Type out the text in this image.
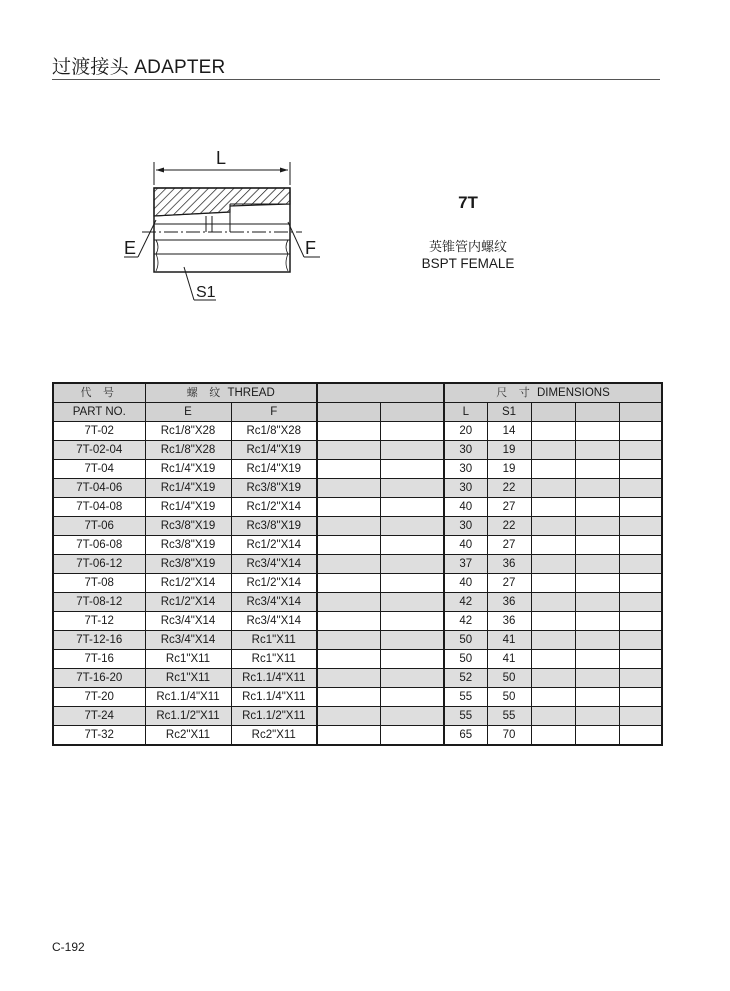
过渡接头 ADAPTER
L
E	F
S1
7T
英锥管内螺纹
BSPT FEMALE
代 号	螺 纹 THREAD				尺 寸 DIMENSIONS				
PART NO.	E	F			L	S1			
7T-02	Rc1/8"X28	Rc1/8"X28			20	14			
7T-02-04	Rc1/8"X28	Rc1/4"X19			30	19			
7T-04	Rc1/4"X19	Rc1/4"X19			30	19			
7T-04-06	Rc1/4"X19	Rc3/8"X19			30	22			
7T-04-08	Rc1/4"X19	Rc1/2"X14			40	27			
7T-06	Rc3/8"X19	Rc3/8"X19			30	22			
7T-06-08	Rc3/8"X19	Rc1/2"X14			40	27			
7T-06-12	Rc3/8"X19	Rc3/4"X14			37	36			
7T-08	Rc1/2"X14	Rc1/2"X14			40	27			
7T-08-12	Rc1/2"X14	Rc3/4"X14			42	36			
7T-12	Rc3/4"X14	Rc3/4"X14			42	36			
7T-12-16	Rc3/4"X14	Rc1"X11			50	41			
7T-16	Rc1"X11	Rc1"X11			50	41			
7T-16-20	Rc1"X11	Rc1.1/4"X11			52	50			
7T-20	Rc1.1/4"X11	Rc1.1/4"X11			55	50			
7T-24	Rc1.1/2"X11	Rc1.1/2"X11			55	55			
7T-32	Rc2"X11	Rc2"X11			65	70			
C-192
